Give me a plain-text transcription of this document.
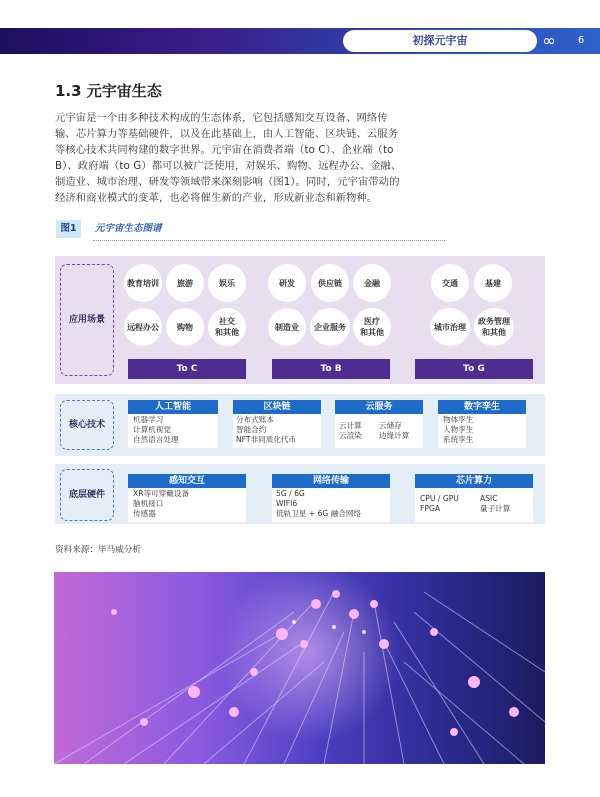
初探元宇宙	∞	6
1.3 元宇宙生态

元宇宙是一个由多种技术构成的生态体系，它包括感知交互设备、网络传输、芯片算力等基础硬件，以及在此基础上，由人工智能、区块链、云服务等核心技术共同构建的数字世界。元宇宙在消费者端（to C）、企业端（to B）、政府端（to G）都可以被广泛使用，对娱乐、购物、远程办公、金融、制造业、城市治理、研发等领域带来深刻影响（图1）。同时，元宇宙带动的经济和商业模式的变革，也必将催生新的产业，形成新业态和新物种。

图1	元宇宙生态图谱
应用场景
核心技术
底层硬件
教育培训	旅游	娱乐
远程办公	购物
社交
和其他
研发	供应链	金融
制造业	企业服务
医疗
和其他
交通	基建
城市治理
政务管理
和其他
To C	To B	To G
人工智能
机器学习
计算机视觉
自然语言处理
区块链
分布式账本
智能合约
NFT非同质化代币
云服务
云计算
云渲染
云储存
边缘计算
数字孪生
物体孪生
人物孪生
系统孪生
感知交互
XR等可穿戴设备
脑机接口
传感器
网络传输
5G / 6G
WIFI6
低轨卫星 + 6G 融合网络
芯片算力
CPU / GPU
FPGA
ASIC
量子计算
资料来源：毕马威分析
